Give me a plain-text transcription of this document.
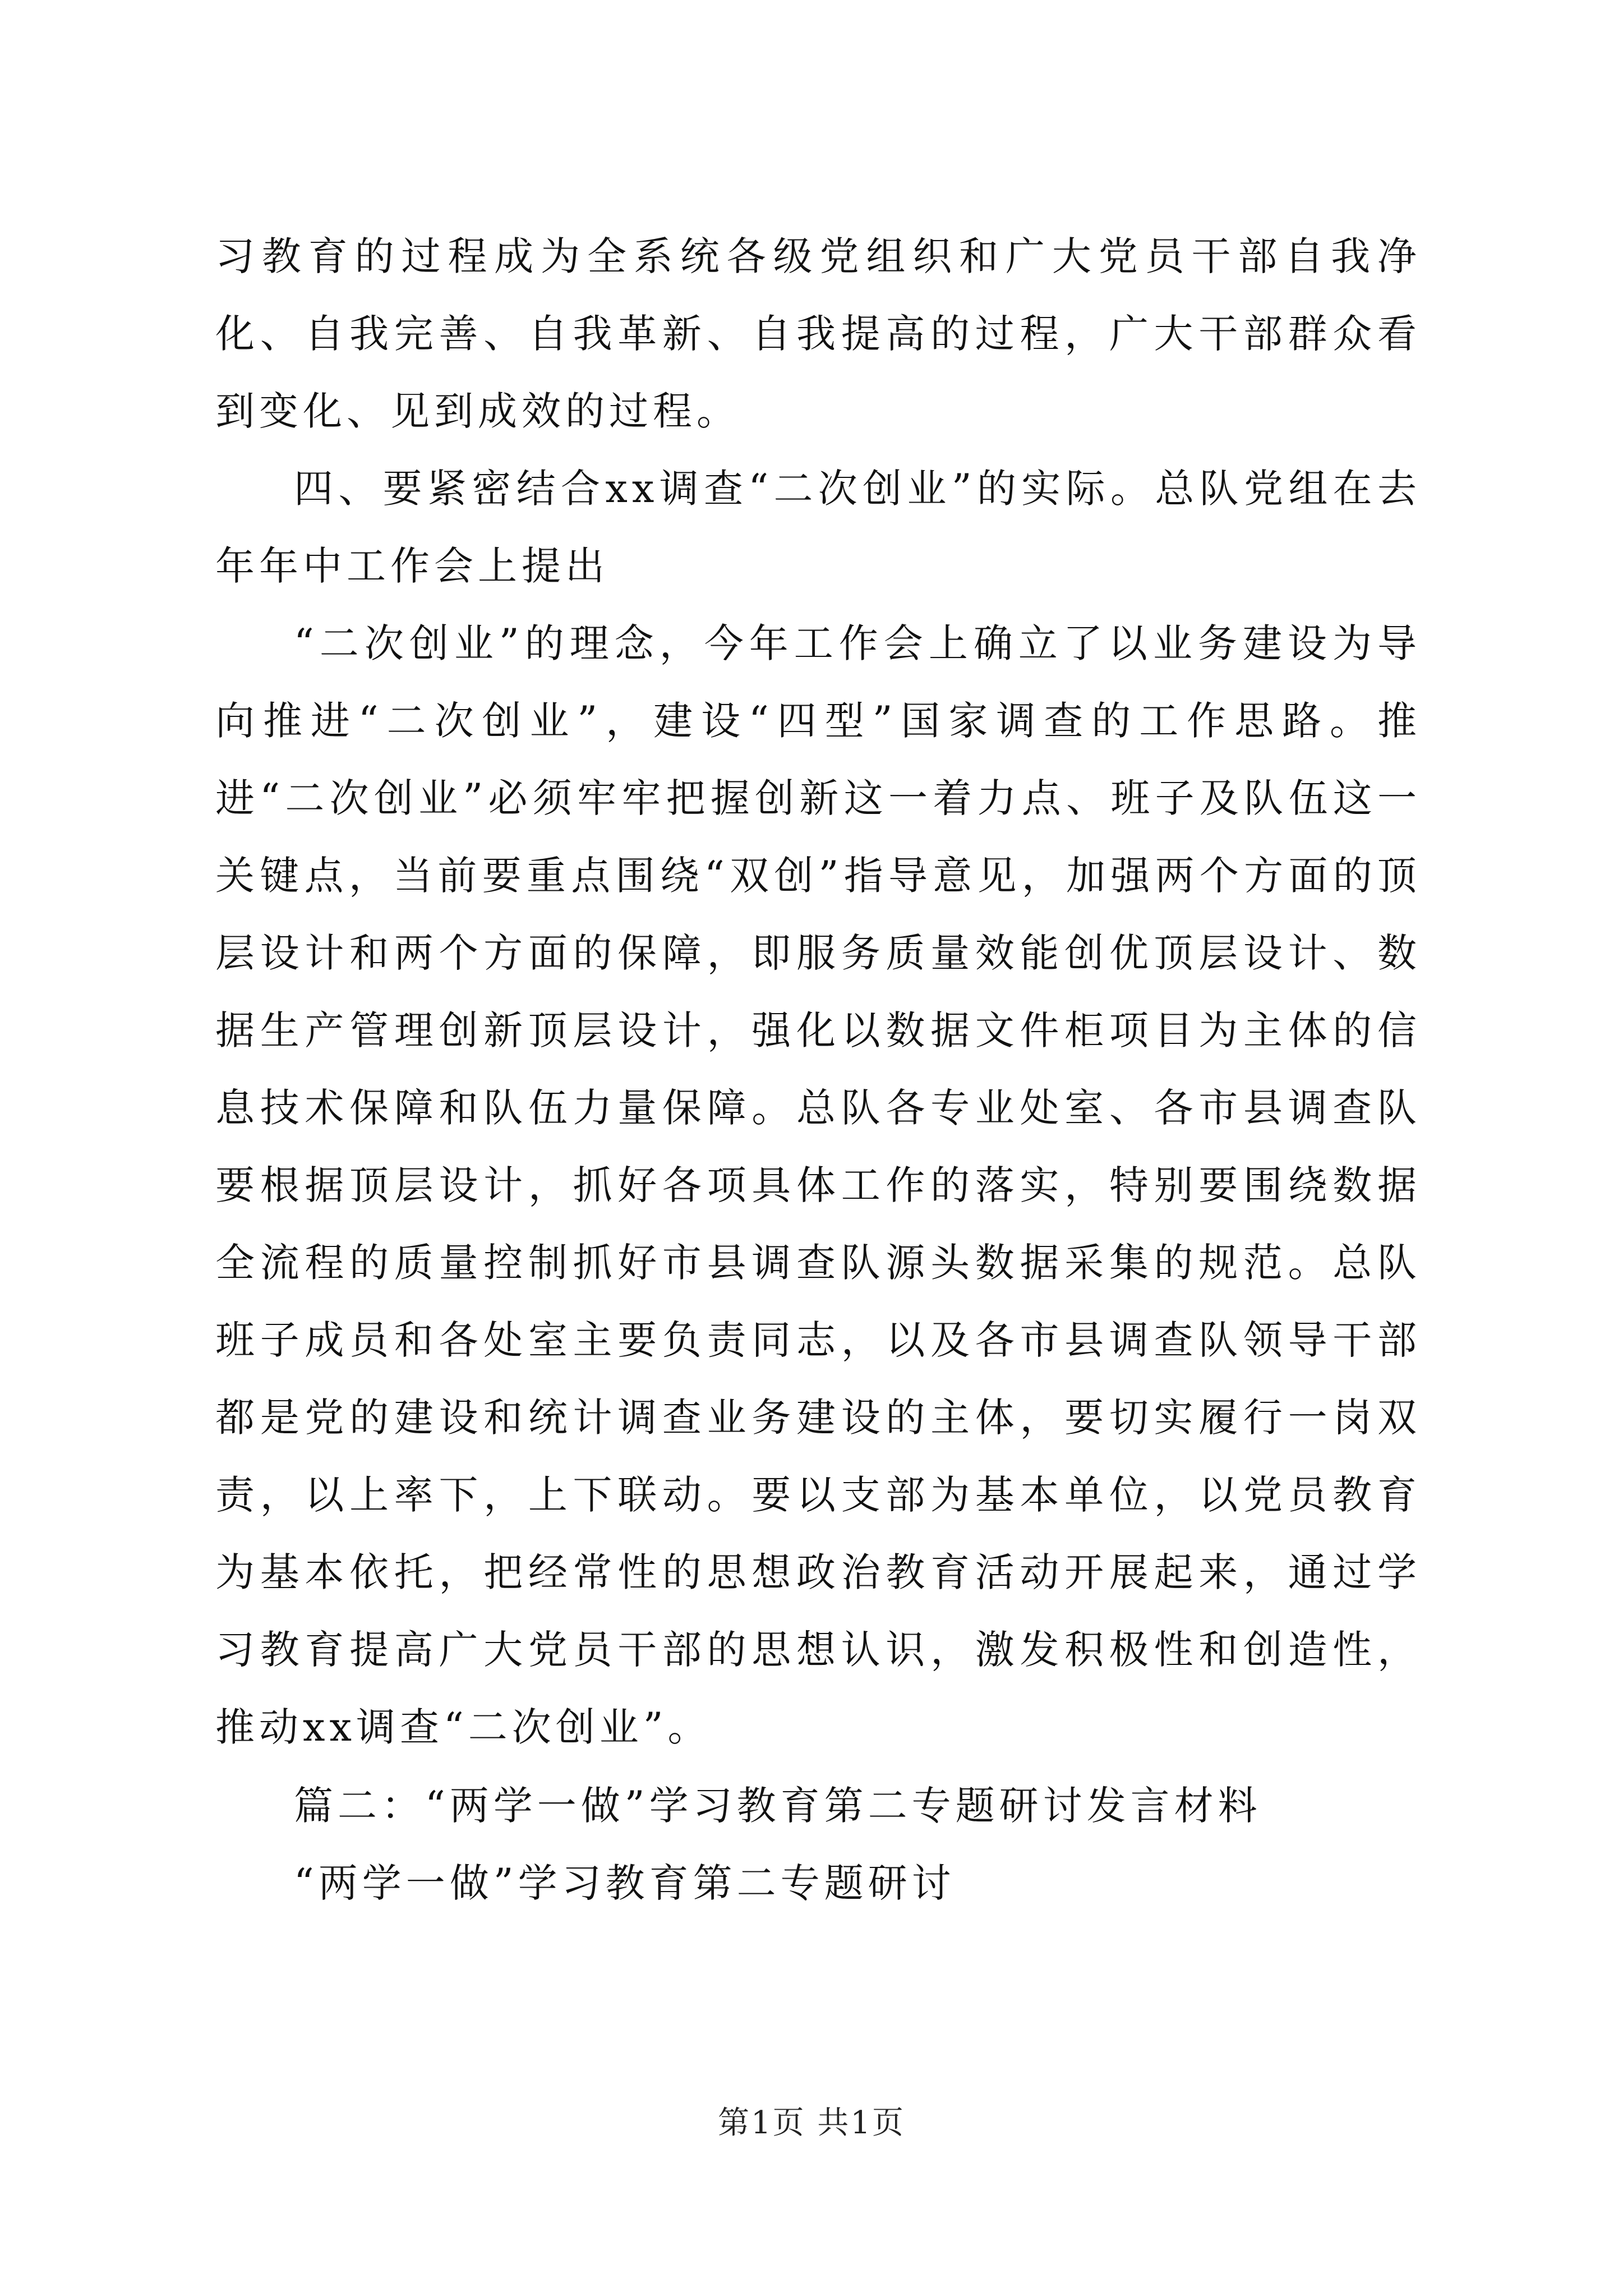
习教育的过程成为全系统各级党组织和广大党员干部自我净化、自我完善、自我革新、自我提高的过程，广大干部群众看到变化、见到成效的过程。

四、要紧密结合xx调查“二次创业”的实际。总队党组在去年年中工作会上提出

“二次创业”的理念，今年工作会上确立了以业务建设为导向推进“二次创业”，建设“四型”国家调查的工作思路。推进“二次创业”必须牢牢把握创新这一着力点、班子及队伍这一关键点，当前要重点围绕“双创”指导意见，加强两个方面的顶层设计和两个方面的保障，即服务质量效能创优顶层设计、数据生产管理创新顶层设计，强化以数据文件柜项目为主体的信息技术保障和队伍力量保障。总队各专业处室、各市县调查队要根据顶层设计，抓好各项具体工作的落实，特别要围绕数据全流程的质量控制抓好市县调查队源头数据采集的规范。总队班子成员和各处室主要负责同志，以及各市县调查队领导干部都是党的建设和统计调查业务建设的主体，要切实履行一岗双责，以上率下，上下联动。要以支部为基本单位，以党员教育为基本依托，把经常性的思想政治教育活动开展起来，通过学习教育提高广大党员干部的思想认识，激发积极性和创造性，推动xx调查“二次创业”。

篇二：“两学一做”学习教育第二专题研讨发言材料

“两学一做”学习教育第二专题研讨

第1页 共1页
